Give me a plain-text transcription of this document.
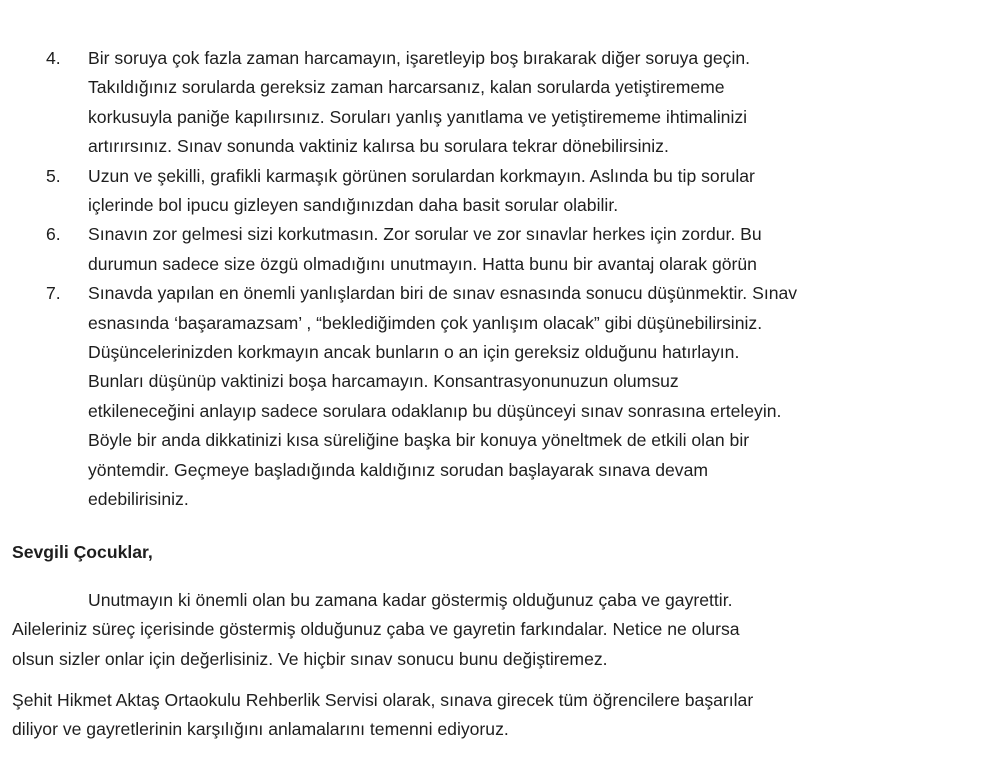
4. Bir soruya çok fazla zaman harcamayın, işaretleyip boş bırakarak diğer soruya geçin.
Takıldığınız sorularda gereksiz zaman harcarsanız, kalan sorularda yetiştirememe
korkusuyla paniğe kapılırsınız. Soruları yanlış yanıtlama ve yetiştirememe ihtimalinizi
artırırsınız. Sınav sonunda vaktiniz kalırsa bu sorulara tekrar dönebilirsiniz.
5. Uzun ve şekilli, grafikli karmaşık görünen sorulardan korkmayın. Aslında bu tip sorular
içlerinde bol ipucu gizleyen sandığınızdan daha basit sorular olabilir.
6. Sınavın zor gelmesi sizi korkutmasın. Zor sorular ve zor sınavlar herkes için zordur. Bu
durumun sadece size özgü olmadığını unutmayın. Hatta bunu bir avantaj olarak görün
7. Sınavda yapılan en önemli yanlışlardan biri de sınav esnasında sonucu düşünmektir. Sınav
esnasında ‘başaramazsam’ , “beklediğimden çok yanlışım olacak” gibi düşünebilirsiniz.
Düşüncelerinizden korkmayın ancak bunların o an için gereksiz olduğunu hatırlayın.
Bunları düşünüp vaktinizi boşa harcamayın. Konsantrasyonunuzun olumsuz
etkileneceğini anlayıp sadece sorulara odaklanıp bu düşünceyi sınav sonrasına erteleyin.
Böyle bir anda dikkatinizi kısa süreliğine başka bir konuya yöneltmek de etkili olan bir
yöntemdir. Geçmeye başladığında kaldığınız sorudan başlayarak sınava devam
edebilirisiniz.
Sevgili Çocuklar,
Unutmayın ki önemli olan bu zamana kadar göstermiş olduğunuz çaba ve gayrettir.
Aileleriniz süreç içerisinde göstermiş olduğunuz çaba ve gayretin farkındalar. Netice ne olursa
olsun sizler onlar için değerlisiniz. Ve hiçbir sınav sonucu bunu değiştiremez.
Şehit Hikmet Aktaş Ortaokulu Rehberlik Servisi olarak, sınava girecek tüm öğrencilere başarılar
diliyor ve gayretlerinin karşılığını anlamalarını temenni ediyoruz.
